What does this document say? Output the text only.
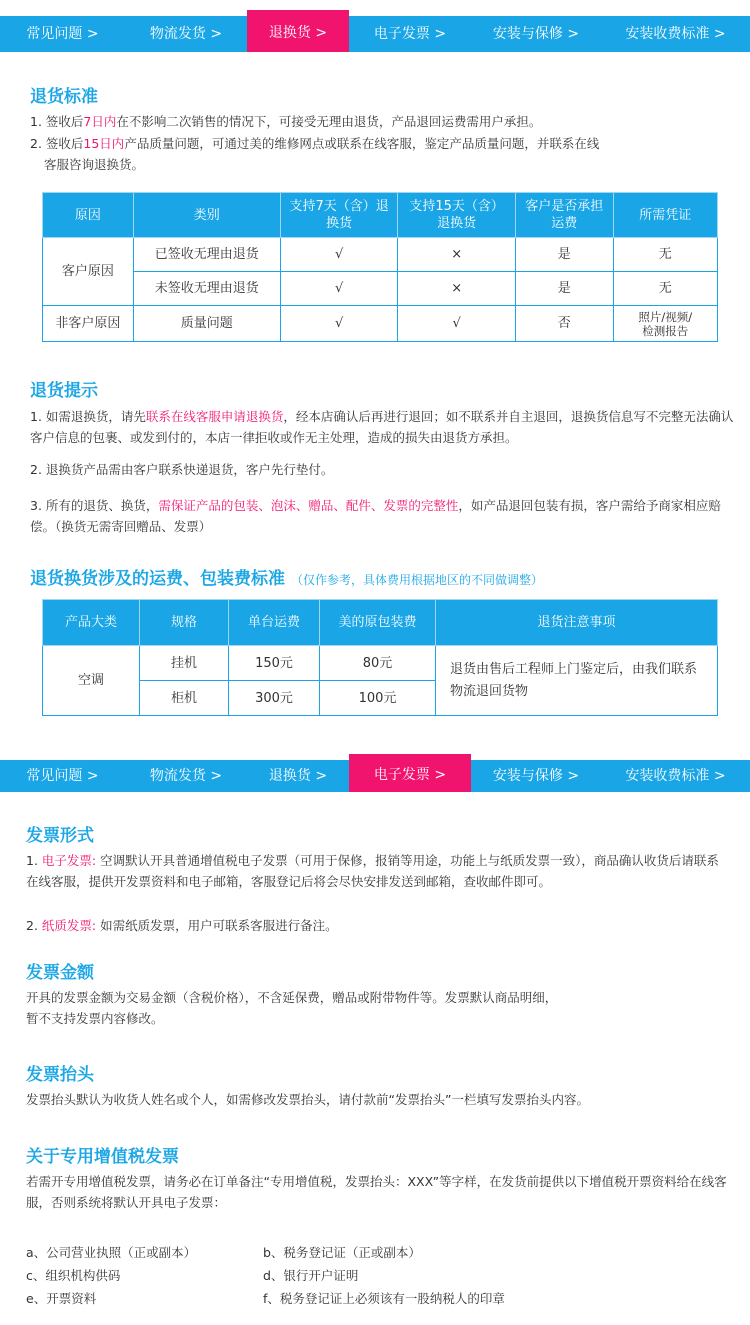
常见问题 >	物流发货 >	退换货 >	电子发票 >	安装与保修 >	安装收费标准 >
退货标准
1. 签收后7日内在不影响二次销售的情况下，可接受无理由退货，产品退回运费需用户承担。
2. 签收后15日内产品质量问题，可通过美的维修网点或联系在线客服，鉴定产品质量问题，并联系在线
客服咨询退换货。
原因	类别	支持7天（含）退换货	支持15天（含）退换货	客户是否承担运费	所需凭证
客户原因	已签收无理由退货	√	×	是	无
	未签收无理由退货	√	×	是	无
非客户原因	质量问题	√	√	否	照片/视频/检测报告
退货提示
1. 如需退换货，请先联系在线客服申请退换货，经本店确认后再进行退回；如不联系并自主退回，退换货信息写不完整无法确认客户信息的包裹、或发到付的，本店一律拒收或作无主处理，造成的损失由退货方承担。
2. 退换货产品需由客户联系快递退货，客户先行垫付。
3. 所有的退货、换货，需保证产品的包装、泡沫、赠品、配件、发票的完整性，如产品退回包装有损，客户需给予商家相应赔偿。（换货无需寄回赠品、发票）
退货换货涉及的运费、包装费标准 （仅作参考，具体费用根据地区的不同做调整）
产品大类	规格	单台运费	美的原包装费	退货注意事项
空调	挂机	150元	80元	退货由售后工程师上门鉴定后，由我们联系物流退回货物
	柜机	300元	100元	
常见问题 >	物流发货 >	退换货 >	电子发票 >	安装与保修 >	安装收费标准 >
发票形式
1. 电子发票: 空调默认开具普通增值税电子发票（可用于保修，报销等用途，功能上与纸质发票一致），商品确认收货后请联系在线客服，提供开发票资料和电子邮箱，客服登记后将会尽快安排发送到邮箱，查收邮件即可。
2. 纸质发票: 如需纸质发票，用户可联系客服进行备注。
发票金额
开具的发票金额为交易金额（含税价格），不含延保费，赠品或附带物件等。发票默认商品明细，
暂不支持发票内容修改。
发票抬头
发票抬头默认为收货人姓名或个人，如需修改发票抬头，请付款前“发票抬头”一栏填写发票抬头内容。
关于专用增值税发票
若需开专用增值税发票，请务必在订单备注“专用增值税，发票抬头：XXX”等字样，在发货前提供以下增值税开票资料给在线客服，否则系统将默认开具电子发票：
a、公司营业执照（正或副本）
c、组织机构供码
e、开票资料
b、税务登记证（正或副本）
d、银行开户证明
f、税务登记证上必须该有一股纳税人的印章
